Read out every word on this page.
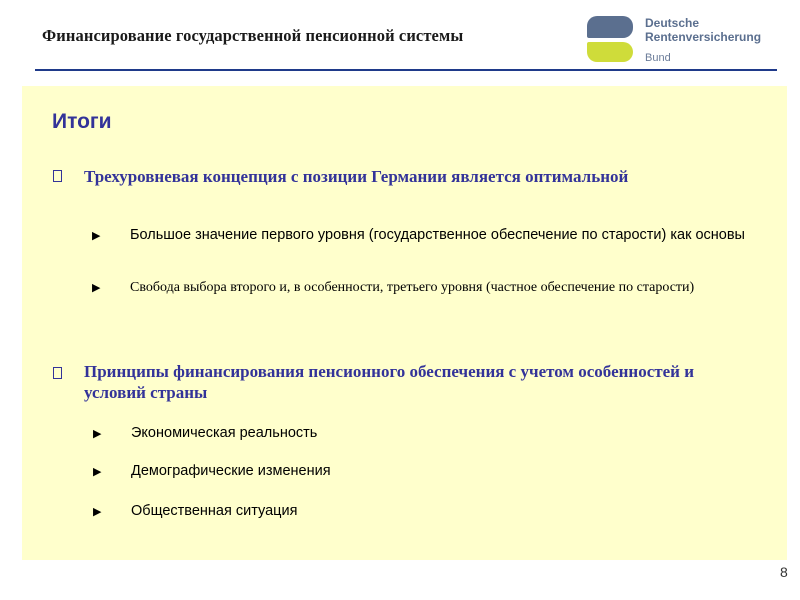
Финансирование государственной пенсионной системы
Deutsche
Rentenversicherung
Bund
Итоги
Трехуровневая концепция с позиции Германии является оптимальной
▶ Большое значение первого уровня (государственное обеспечение по старости) как основы
▶ Свобода выбора второго и, в особенности, третьего уровня (частное обеспечение по старости)
Принципы финансирования пенсионного обеспечения с учетом особенностей и условий страны
▶ Экономическая реальность
▶ Демографические изменения
▶ Общественная ситуация
8
